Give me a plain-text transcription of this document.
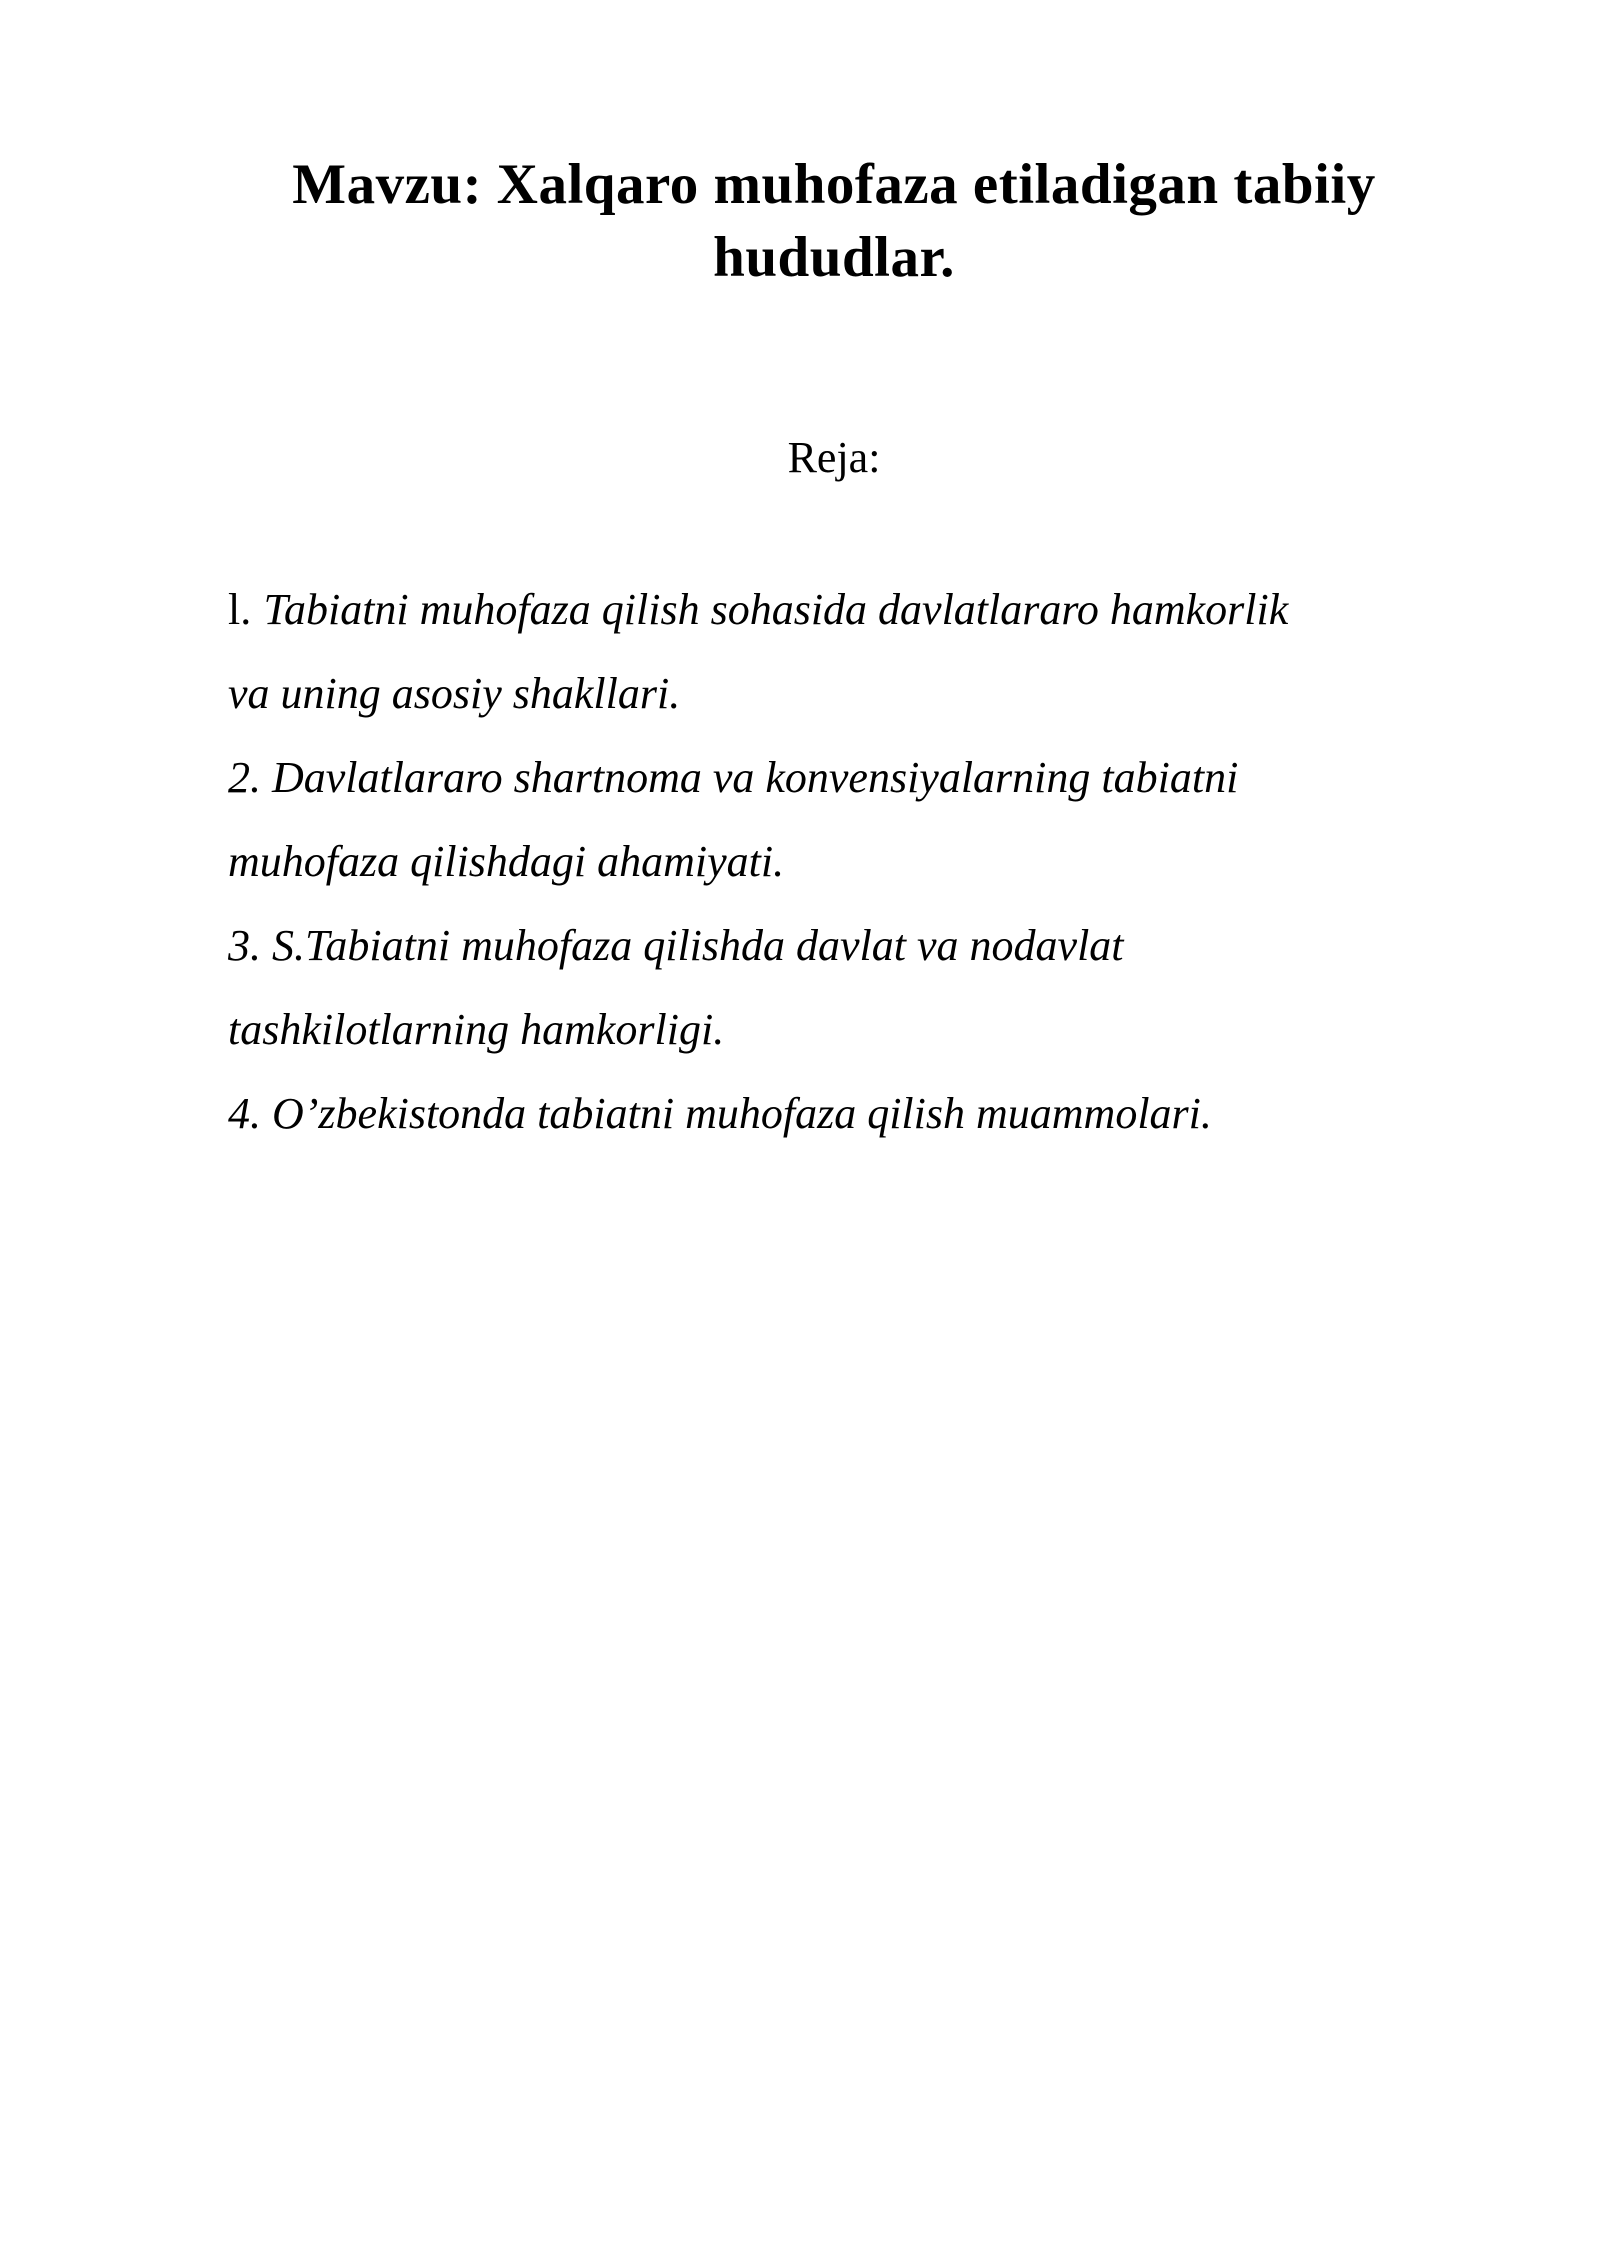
Mavzu: Xalqaro muhofaza etiladigan tabiiy
hududlar.
Reja:
l. Tabiatni muhofaza qilish sohasida davlatlararo hamkorlik
va uning asosiy shakllari.
2. Davlatlararo shartnoma va konvensiyalarning tabiatni
muhofaza qilishdagi ahamiyati.
3. S.Tabiatni muhofaza qilishda davlat va nodavlat
tashkilotlarning hamkorligi.
4. O’zbekistonda tabiatni muhofaza qilish muammolari.
